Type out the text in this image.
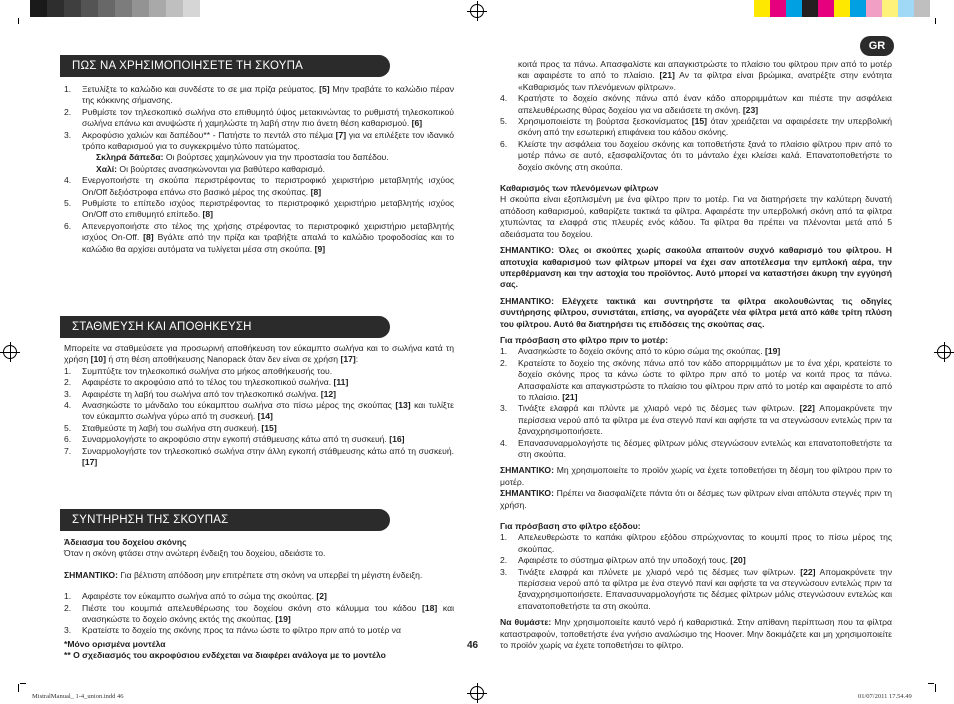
GR
ΠΩΣ ΝΑ ΧΡΗΣΙΜΟΠΟΙΗΣΕΤΕ ΤΗ ΣΚΟΥΠΑ
1. Ξετυλίξτε το καλώδιο και συνδέστε το σε μια πρίζα ρεύματος. [5] Μην τραβάτε το καλώδιο πέραν της κόκκινης σήμανσης.
2. Ρυθμίστε τον τηλεσκοπικό σωλήνα στο επιθυμητό ύψος μετακινώντας το ρυθμιστή τηλεσκοπικού σωλήνα επάνω και ανυψώστε ή χαμηλώστε τη λαβή στην πιο άνετη θέση καθαρισμού. [6]
3. Ακροφύσιο χαλιών και δαπέδου** - Πατήστε το πεντάλ στο πέλμα [7] για να επιλέξετε τον ιδανικό τρόπο καθαρισμού για το συγκεκριμένο τύπο πατώματος.

Σκληρά δάπεδα: Οι βούρτσες χαμηλώνουν για την προστασία του δαπέδου.

Χαλί: Οι βούρτσες ανασηκώνονται για βαθύτερο καθαρισμό.

4. Ενεργοποιήστε τη σκούπα περιστρέφοντας το περιστροφικό χειριστήριο μεταβλητής ισχύος On/Off δεξιόστροφα επάνω στο βασικό μέρος της σκούπας. [8]
5. Ρυθμίστε το επίπεδο ισχύος περιστρέφοντας το περιστροφικό χειριστήριο μεταβλητής ισχύος On/Off στο επιθυμητό επίπεδο. [8]
6. Απενεργοποιήστε στο τέλος της χρήσης στρέφοντας το περιστροφικό χειριστήριο μεταβλητής ισχύος On-Off. [8] Βγάλτε από την πρίζα και τραβήξτε απαλά το καλώδιο τροφοδοσίας και το καλώδιο θα αρχίσει αυτόματα να τυλίγεται μέσα στη σκούπα. [9]
ΣΤΑΘΜΕΥΣΗ ΚΑΙ ΑΠΟΘΗΚΕΥΣΗ

Μπορείτε να σταθμεύσετε για προσωρινή αποθήκευση τον εύκαμπτο σωλήνα και το σωλήνα κατά τη χρήση [10] ή στη θέση αποθήκευσης Nanopack όταν δεν είναι σε χρήση [17]:

1. Συμπτύξτε τον τηλεσκοπικό σωλήνα στο μήκος αποθήκευσής του.
2. Αφαιρέστε το ακροφύσιο από το τέλος του τηλεσκοπικού σωλήνα. [11]
3. Αφαιρέστε τη λαβή του σωλήνα από τον τηλεσκοπικό σωλήνα. [12]
4. Ανασηκώστε το μάνδαλο του εύκαμπτου σωλήνα στο πίσω μέρος της σκούπας [13] και τυλίξτε τον εύκαμπτο σωλήνα γύρω από τη συσκευή. [14]
5. Σταθμεύστε τη λαβή του σωλήνα στη συσκευή. [15]
6. Συναρμολογήστε το ακροφύσιο στην εγκοπή στάθμευσης κάτω από τη συσκευή. [16]
7. Συναρμολογήστε τον τηλεσκοπικό σωλήνα στην άλλη εγκοπή στάθμευσης κάτω από τη συσκευή. [17]
ΣΥΝΤΗΡΗΣΗ ΤΗΣ ΣΚΟΥΠΑΣ

Άδειασμα του δοχείου σκόνης

Όταν η σκόνη φτάσει στην ανώτερη ένδειξη του δοχείου, αδειάστε το.

ΣΗΜΑΝΤΙΚΟ: Για βέλτιστη απόδοση μην επιτρέπετε στη σκόνη να υπερβεί τη μέγιστη ένδειξη.

1. Αφαιρέστε τον εύκαμπτο σωλήνα από το σώμα της σκούπας. [2]
2. Πιέστε του κουμπιά απελευθέρωσης του δοχείου σκόνη στο κάλυμμα του κάδου [18] και ανασηκώστε το δοχείο σκόνης εκτός της σκούπας. [19]
3. Κρατείστε το δοχείο της σκόνης προς τα πάνω ώστε το φίλτρο πριν από το μοτέρ να

*Μόνο ορισμένα μοντέλα

** Ο σχεδιασμός του ακροφύσιου ενδέχεται να διαφέρει ανάλογα με το μοντέλο

46

κοιτά προς τα πάνω. Απασφαλίστε και απαγκιστρώστε το πλαίσιο του φίλτρου πριν από το μοτέρ και αφαιρέστε το από το πλαίσιο. [21] Αν τα φίλτρα είναι βρώμικα, ανατρέξτε στην ενότητα «Καθαρισμός των πλενόμενων φίλτρων».

4. Κρατήστε το δοχείο σκόνης πάνω από έναν κάδο απορριμμάτων και πιέστε την ασφάλεια απελευθέρωσης θύρας δοχείου για να αδειάσετε τη σκόνη. [23]
5. Χρησιμοποιείστε τη βούρτσα ξεσκονίσματος [15] όταν χρειάζεται να αφαιρέσετε την υπερβολική σκόνη από την εσωτερική επιφάνεια του κάδου σκόνης.
6. Κλείστε την ασφάλεια του δοχείου σκόνης και τοποθετήστε ξανά το πλαίσιο φίλτρου πριν από το μοτέρ πάνω σε αυτό, εξασφαλίζοντας ότι το μάνταλο έχει κλείσει καλά. Επανατοποθετήστε το δοχείο σκόνης στη σκούπα.

Καθαρισμός των πλενόμενων φίλτρων

Η σκούπα είναι εξοπλισμένη με ένα φίλτρο πριν το μοτέρ. Για να διατηρήσετε την καλύτερη δυνατή απόδοση καθαρισμού, καθαρίζετε τακτικά τα φίλτρα. Αφαιρέστε την υπερβολική σκόνη από τα φίλτρα χτυπώντας τα ελαφρά στις πλευρές ενός κάδου. Τα φίλτρα θα πρέπει να πλένονται μετά από 5 αδειάσματα του δοχείου.

ΣΗΜΑΝΤΙΚΟ: Όλες οι σκούπες χωρίς σακούλα απαιτούν συχνό καθαρισμό του φίλτρου. Η αποτυχία καθαρισμού των φίλτρων μπορεί να έχει σαν αποτέλεσμα την εμπλοκή αέρα, την υπερθέρμανση και την αστοχία του προϊόντος. Αυτό μπορεί να καταστήσει άκυρη την εγγύησή σας.

ΣΗΜΑΝΤΙΚΟ: Ελέγχετε τακτικά και συντηρήστε τα φίλτρα ακολουθώντας τις οδηγίες συντήρησης φίλτρου, συνιστάται, επίσης, να αγοράζετε νέα φίλτρα μετά από κάθε τρίτη πλύση του φίλτρου. Αυτό θα διατηρήσει τις επιδόσεις της σκούπας σας.

Για πρόσβαση στο φίλτρο πριν το μοτέρ:

1. Ανασηκώστε το δοχείο σκόνης από το κύριο σώμα της σκούπας. [19]
2. Κρατείστε το δοχείο της σκόνης πάνω από τον κάδο απορριμμάτων με το ένα χέρι, κρατείστε το δοχείο σκόνης προς τα κάνω ώστε το φίλτρο πριν από το μοτέρ να κοιτά προς τα πάνω. Απασφαλίστε και απαγκιστρώστε το πλαίσιο του φίλτρου πριν από το μοτέρ και αφαιρέστε το από το πλαίσιο. [21]
3. Τινάξτε ελαφρά και πλύντε με χλιαρό νερό τις δέσμες των φίλτρων. [22] Απομακρύνετε την περίσσεια νερού από τα φίλτρα με ένα στεγνό πανί και αφήστε τα να στεγνώσουν εντελώς πριν τα ξαναχρησιμοποιήσετε.
4. Επανασυναρμολογήστε τις δέσμες φίλτρων μόλις στεγνώσουν εντελώς και επανατοποθετήστε τα στη σκούπα.

ΣΗΜΑΝΤΙΚΟ: Μη χρησιμοποιείτε το προϊόν χωρίς να έχετε τοποθετήσει τη δέσμη του φίλτρου πριν το μοτέρ.

ΣΗΜΑΝΤΙΚΟ: Πρέπει να διασφαλίζετε πάντα ότι οι δέσμες των φίλτρων είναι απόλυτα στεγνές πριν τη χρήση.

Για πρόσβαση στο φίλτρο εξόδου:

1. Απελευθερώστε το καπάκι φίλτρου εξόδου σπρώχνοντας το κουμπί προς το πίσω μέρος της σκούπας.
2. Αφαιρέστε το σύστημα φίλτρων από την υποδοχή τους. [20]
3. Τινάξτε ελαφρά και πλύνετε με χλιαρό νερό τις δέσμες των φίλτρων. [22] Απομακρύνετε την περίσσεια νερού από τα φίλτρα με ένα στεγνό πανί και αφήστε τα να στεγνώσουν εντελώς πριν τα ξαναχρησιμοποιήσετε. Επανασυναρμολογήστε τις δέσμες φίλτρων μόλις στεγνώσουν εντελώς και επανατοποθετήστε τα στη σκούπα.

Να θυμάστε: Μην χρησιμοποιείτε καυτό νερό ή καθαριστικά. Στην απίθανη περίπτωση που τα φίλτρα καταστραφούν, τοποθετήστε ένα γνήσιο αναλώσιμο της Hoover. Μην δοκιμάζετε και μη χρησιμοποιείτε το προϊόν χωρίς να έχετε τοποθετήσει το φίλτρο.

MistralManual_ 1-4_union.indd 46	01/07/2011 17.54.49
